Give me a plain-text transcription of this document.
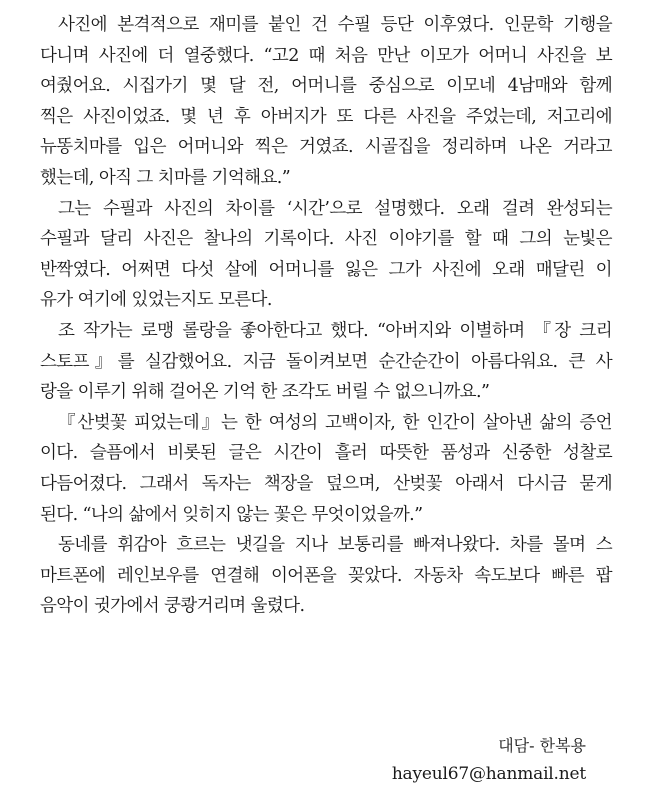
사진에 본격적으로 재미를 붙인 건 수필 등단 이후였다. 인문학 기행을

다니며 사진에 더 열중했다. “고2 때 처음 만난 이모가 어머니 사진을 보

여줬어요. 시집가기 몇 달 전, 어머니를 중심으로 이모네 4남매와 함께

찍은 사진이었죠. 몇 년 후 아버지가 또 다른 사진을 주었는데, 저고리에

뉴똥치마를 입은 어머니와 찍은 거였죠. 시골집을 정리하며 나온 거라고

했는데, 아직 그 치마를 기억해요.”

그는 수필과 사진의 차이를 ‘시간’으로 설명했다. 오래 걸려 완성되는

수필과 달리 사진은 찰나의 기록이다. 사진 이야기를 할 때 그의 눈빛은

반짝였다. 어쩌면 다섯 살에 어머니를 잃은 그가 사진에 오래 매달린 이

유가 여기에 있었는지도 모른다.

조 작가는 로맹 롤랑을 좋아한다고 했다. “아버지와 이별하며 『장 크리

스토프』를 실감했어요. 지금 돌이켜보면 순간순간이 아름다워요. 큰 사

랑을 이루기 위해 걸어온 기억 한 조각도 버릴 수 없으니까요.”

『산벚꽃 피었는데』는 한 여성의 고백이자, 한 인간이 살아낸 삶의 증언

이다. 슬픔에서 비롯된 글은 시간이 흘러 따뜻한 품성과 신중한 성찰로

다듬어졌다. 그래서 독자는 책장을 덮으며, 산벚꽃 아래서 다시금 묻게

된다. “나의 삶에서 잊히지 않는 꽃은 무엇이었을까.”

동네를 휘감아 흐르는 냇길을 지나 보통리를 빠져나왔다. 차를 몰며 스

마트폰에 레인보우를 연결해 이어폰을 꽂았다. 자동차 속도보다 빠른 팝

음악이 귓가에서 쿵쾅거리며 울렸다.

대담- 한복용
hayeul67@hanmail.net
